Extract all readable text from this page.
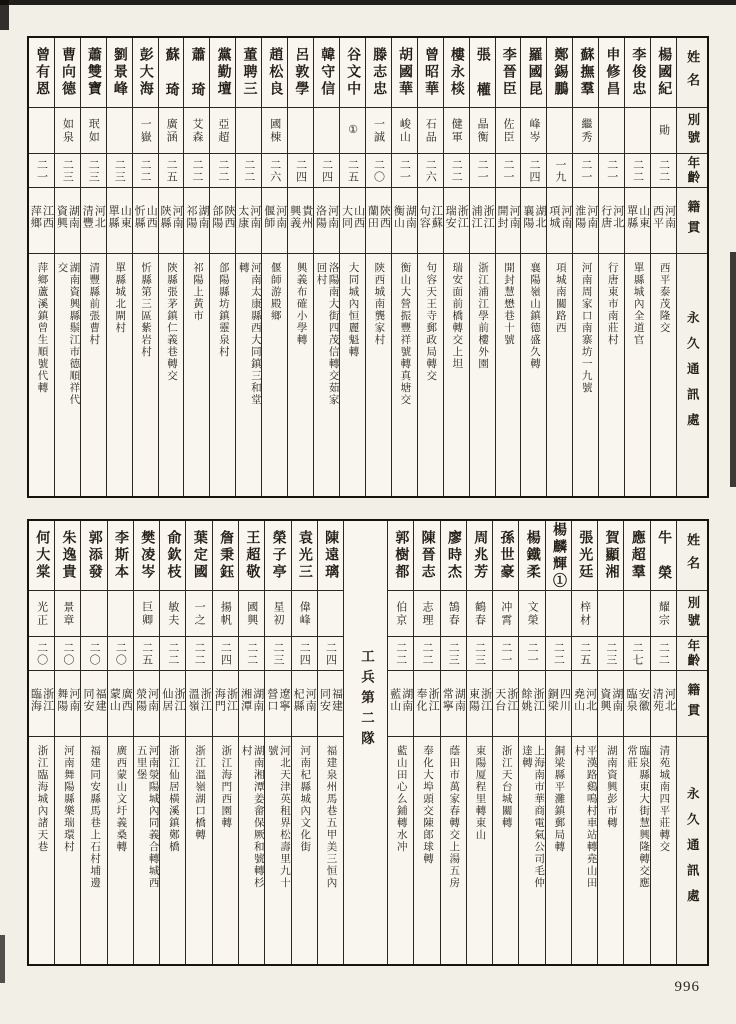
姓名
別號
年齡
籍貫
永久通訊處
楊國紀
勛
二二
河南西平
西平泰茂隆交
李俊忠
二二
山東單縣
單縣城內全道官
申修昌
二一
河北行唐
行唐東市南莊村
蘇撫羣
繼秀
二一
河南淮陽
河南周家口南寨坊一九號
鄭錫鵬
一九
河南項城
項城南關路西
羅國昆
峰岑
二四
湖北襄陽
襄陽嶺山鎮德盛久轉
李晉臣
佐臣
二一
河南開封
開封慧懋巷十號
張 權
晶衡
二一
浙江浦江
浙江浦江學前樓外園
樓永棪
健軍
二二
浙江瑞安
瑞安面前橋轉交上坦
曾昭華
石品
二六
江蘇句容
句容天王寺郵政局轉交
胡國華
峻山
二一
湖南衡山
衡山大營振豐祥號轉真塘交
滕志忠
一誠
二〇
陝西蘭田
陝西城南龔家村
谷文中
①
二五
山西大同
大同城內恒麗魁轉
韓守信
二四
河南洛陽
洛陽南大街四茂信轉交茹家回村
呂敦學
二四
貴州興義
興義布確小學轉
趙松良
國棟
二六
河南偃師
偃師游殿鄉
董聘三
二二
河南太康
河南太康縣西大同鎮三和堂轉
黨勤壇
亞超
二二
陝西郃陽
郃陽縣坊鎮靈泉村
蕭 琦
艾森
二二
湖南祁陽
祁陽上黃市
蘇 琦
廣涵
二五
河南陝縣
陝縣張茅鎮仁義巷轉交
彭大海
一嶽
二二
山西忻縣
忻縣第三區紫岩村
劉景峰
二三
山東單縣
單縣城北閘村
蕭雙寶
珉如
二三
河北清豐
清豐縣前張曹村
曹向德
如泉
二三
湖南資興
湖南資興縣鬃江市德順祥代交
曾有恩
二一
江西萍鄉
萍鄉蘆溪鎮曾生順號代轉
姓名
別號
年齡
籍貫
永久通訊處
牛 榮
耀宗
二二
河北清苑
清苑城南四平莊轉交
應超羣
二七
安徽臨泉
臨泉縣東大街慧興隆轉交應常莊
賀顯湘
二三
湖南資興
湖南資興彭市轉
張光廷
梓材
二五
河北堯山
平漢路鷄鳴村車站轉堯山田村
楊麟輝①
二二
四川銅梁
銅梁縣平灘鎮郵局轉
楊鐵柔
文榮
二一
浙江餘姚
上海南市華商電氣公司毛仲達轉
孫世豪
冲霄
二一
浙江天台
浙江天台城關轉
周兆芳
鶴春
二三
浙江東陽
東陽厦程里轉東山
廖時杰
鵠春
二三
湖南常寧
蔭田市萬家春轉交上湯五房
陳晉志
志理
二二
浙江奉化
奉化大埠頭交陳郎球轉
郭樹都
伯京
二二
湖南藍山
藍山田心么鋪轉水冲
工兵第二隊
陳遠璃
二四
福建同安
福建泉州馬巷五甲美三恒內
袁光三
偉峰
二四
河南杞縣
河南杞縣城內文化街
榮子亭
星初
二三
遼寧營口
河北天津英租界松壽里九十號
王超敬
國興
二二
湖南湘潭
湖南湘潭姜畲保厥和號轉杉村
詹秉鈺
揚帆
二四
浙江海門
浙江海門西園轉
葉定國
一之
二二
浙江溫嶺
浙江溫嶺湖口橋轉
俞欽枝
敏夫
二二
浙江仙居
浙江仙居橫溪鎮鄭橋
樊凌岑
巨卿
二五
河南滎陽
河南滎陽城內同義合轉城西五里堡
李斯本
二〇
廣西蒙山
廣西蒙山文圩義桑轉
郭添發
二〇
福建同安
福建同安縣馬巷上石村埔邊
朱逸貴
景章
二〇
河南舞陽
河南舞陽縣樂瑞環村
何大棠
光正
二〇
浙江臨海
浙江臨海城內諸天巷
996
